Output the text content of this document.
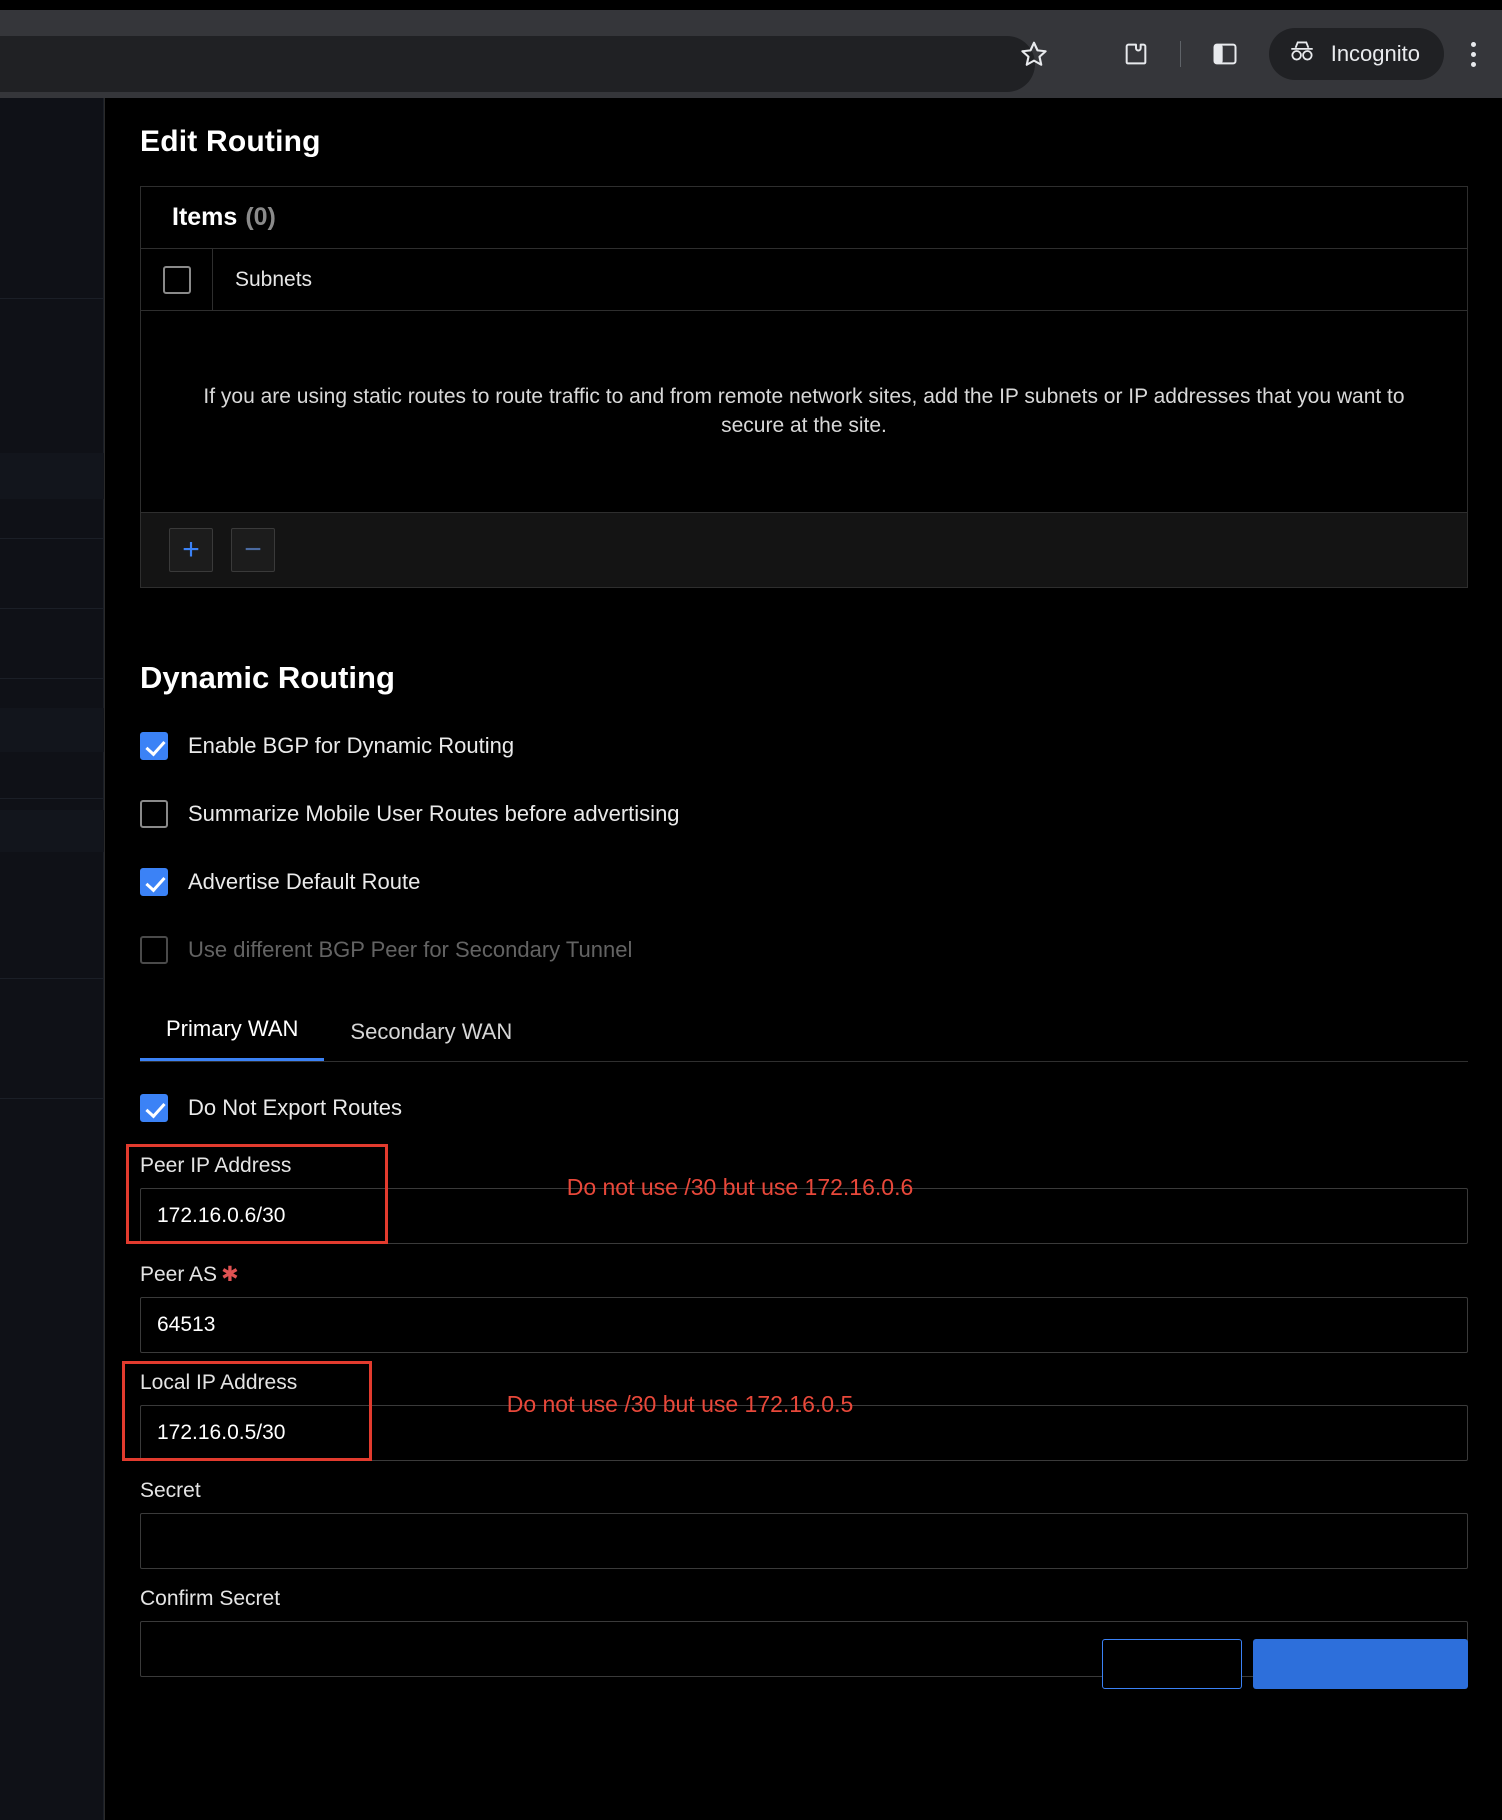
Incognito
Edit Routing
Items (0)
Subnets

If you are using static routes to route traffic to and from remote network sites, add the IP subnets or IP addresses that you want to secure at the site.

+	−
Dynamic Routing
Enable BGP for Dynamic Routing
Summarize Mobile User Routes before advertising
Advertise Default Route
Use different BGP Peer for Secondary Tunnel
Primary WAN	Secondary WAN
Do Not Export Routes
Peer IP Address
172.16.0.6/30
Do not use /30 but use 172.16.0.6
Peer AS ✱
64513
Local IP Address
172.16.0.5/30
Do not use /30 but use 172.16.0.5
Secret
Confirm Secret
